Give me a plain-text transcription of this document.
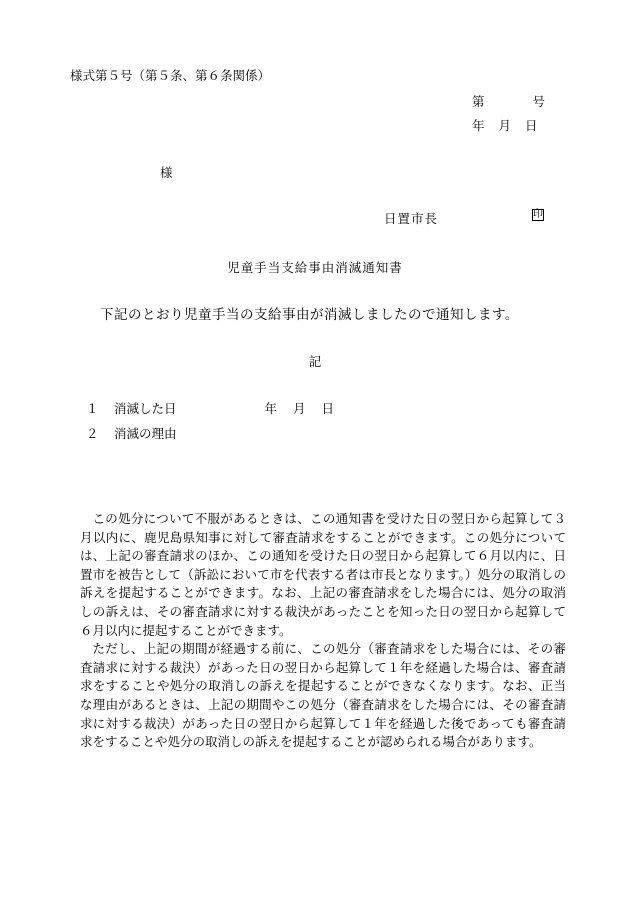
様式第５号（第５条、第６条関係）
第	号
年 月 日
様
日置市長	印
児童手当支給事由消滅通知書
下記のとおり児童手当の支給事由が消滅しましたので通知します。
記
１ 消滅した日	年 月 日
２ 消滅の理由

この処分について不服があるときは、この通知書を受けた日の翌日から起算して３月以内に、鹿児島県知事に対して審査請求をすることができます。この処分については、上記の審査請求のほか、この通知を受けた日の翌日から起算して６月以内に、日置市を被告として（訴訟において市を代表する者は市長となります。）処分の取消しの訴えを提起することができます。なお、上記の審査請求をした場合には、処分の取消しの訴えは、その審査請求に対する裁決があったことを知った日の翌日から起算して６月以内に提起することができます。

ただし、上記の期間が経過する前に、この処分（審査請求をした場合には、その審査請求に対する裁決）があった日の翌日から起算して１年を経過した場合は、審査請求をすることや処分の取消しの訴えを提起することができなくなります。なお、正当な理由があるときは、上記の期間やこの処分（審査請求をした場合には、その審査請求に対する裁決）があった日の翌日から起算して１年を経過した後であっても審査請求をすることや処分の取消しの訴えを提起することが認められる場合があります。
